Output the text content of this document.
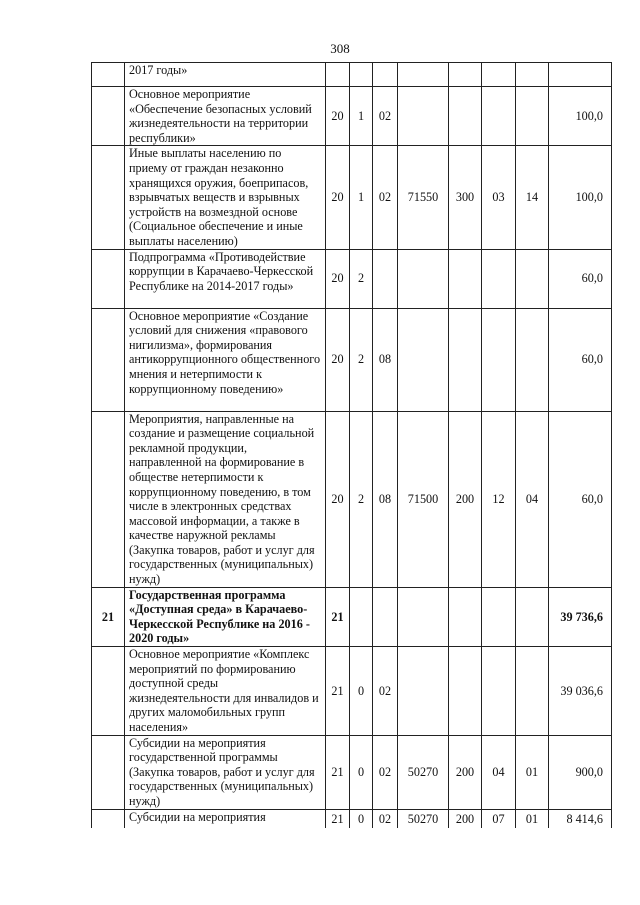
308
	2017 годы»								
	Основное мероприятие «Обеспечение безопасных условий жизнедеятельности на территории республики»	20	1	02					100,0
	Иные выплаты населению по приему от граждан незаконно хранящихся оружия, боеприпасов, взрывчатых веществ и взрывных устройств на возмездной основе (Социальное обеспечение и иные выплаты населению)	20	1	02	71550	300	03	14	100,0
	Подпрограмма «Противодействие коррупции в Карачаево-Черкесской Республике на 2014-2017 годы»	20	2						60,0
	Основное мероприятие «Создание условий для снижения «правового нигилизма», формирования антикоррупционного общественного мнения и нетерпимости к коррупционному поведению»	20	2	08					60,0
	Мероприятия, направленные на создание и размещение социальной рекламной продукции, направленной на формирование в обществе нетерпимости к коррупционному поведению, в том числе в электронных средствах массовой информации, а также в качестве наружной рекламы (Закупка товаров, работ и услуг для государственных (муниципальных) нужд)	20	2	08	71500	200	12	04	60,0
21	Государственная программа «Доступная среда» в Карачаево-Черкесской Республике на 2016 - 2020 годы»	21							39 736,6
	Основное мероприятие «Комплекс мероприятий по формированию доступной среды жизнедеятельности для инвалидов и других маломобильных групп населения»	21	0	02					39 036,6
	Субсидии на мероприятия государственной программы (Закупка товаров, работ и услуг для государственных (муниципальных) нужд)	21	0	02	50270	200	04	01	900,0
	Субсидии на мероприятия	21	0	02	50270	200	07	01	8 414,6
